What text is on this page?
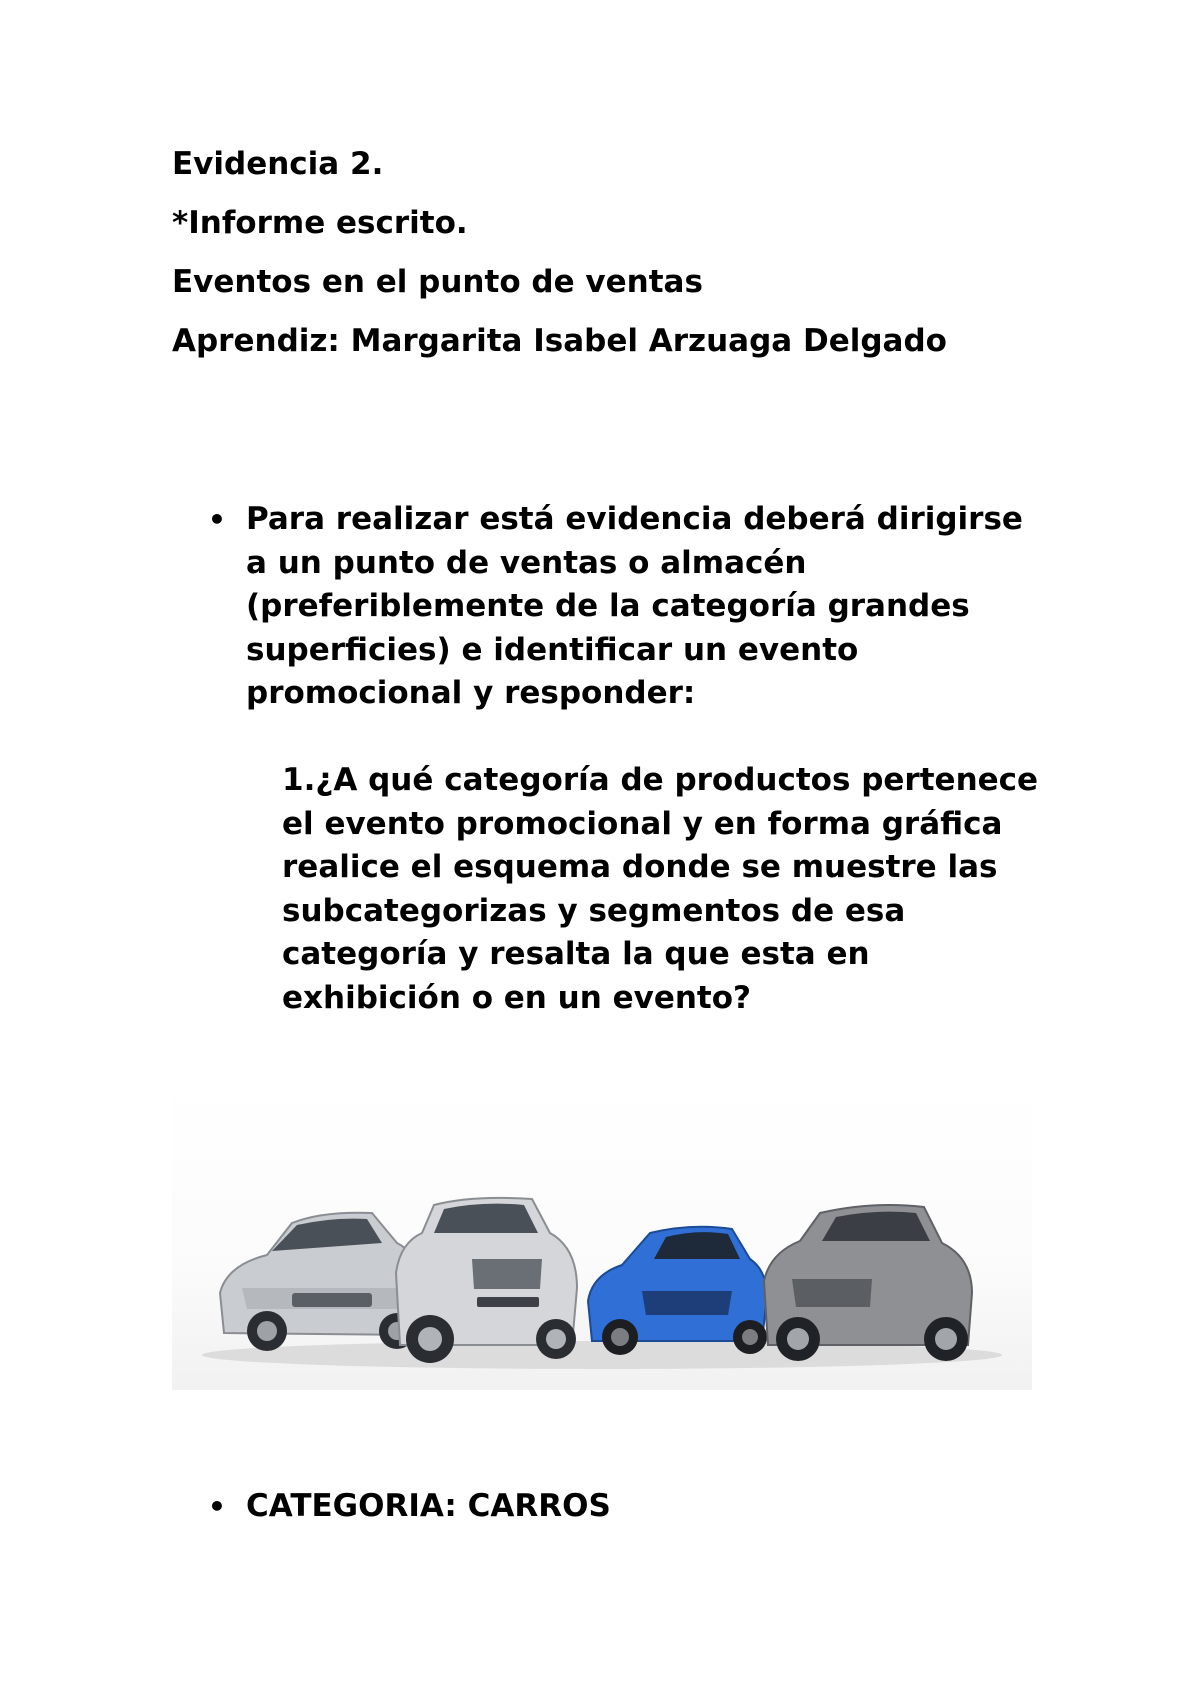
Evidencia 2.
*Informe escrito.
Eventos en el punto de ventas
Aprendiz: Margarita Isabel Arzuaga Delgado
• Para realizar está evidencia deberá dirigirse a un punto de ventas o almacén (preferiblemente de la categoría grandes superficies) e identificar un evento promocional y responder:
1.¿A qué categoría de productos pertenece el evento promocional y en forma gráfica realice el esquema donde se muestre las subcategorizas y segmentos de esa categoría y resalta la que esta en exhibición o en un evento?
• CATEGORIA: CARROS
